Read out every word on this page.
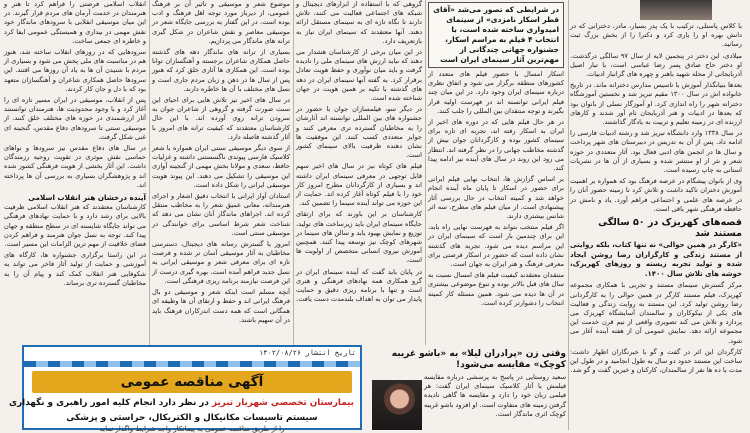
با کلاس پاستلی، ترکیب با یک پدر بسیار، مادر، دخترانی که در دانش بهره او را یاری کرد و دکترا را از بخش بزرگ ثبت رسانید.

میلادی، این دختر در پنجمین لایه از سال ۹۷ سالگی درگذشت. او دختر حاج صادق پسر رضا عباسی است، با تبار اصیل آذربایجانی از محله شهید باهنر و چهره های گرانبار ادبیات.

بعدها بنیانگذار آموزش با تاسیس مدارس دخترانه ماند. در تاریخ خانواده اش در سال ۱۳۰۰ مقیم تبریز شد و نخستین آموزشگاه دخترانه شهر را راه اندازی کرد. او آموزگار نسلی از بانوان بود که بعدها در ادبیات و هنر آذربایجان نام آور شدند و کارهای ارزنده ای در زمینه تعلیم و تربیت به یادگار گذاشتند.

در سال ۱۳۳۸ وارد دانشگاه تبریز شد و رشته ادبیات فارسی را ادامه داد. پس از آن به تدریس در دبیرستان های شهر پرداخت و سال ها در انجمن های ادبی فعال بود. آثار متعددی در حوزه شعر و نثر از او منتشر شده و بسیاری از آن ها در نشریات استانی به چاپ رسیده است.

وی از بانوان پیشگام در عرصه فرهنگ بود که همواره بر اهمیت آموزش دختران تاکید داشت و تلاش کرد تا زمینه حضور آنان را در عرصه های علمی و اجتماعی فراهم آورد. یاد و نامش در حافظه فرهنگی شهر باقی است.

قصه‌های کهریزک در ۵۰ سالگی مستند شد

«کارگر در همین حوالی» نه تنها کتاب، بلکه روایتی از مستند زندگی و کارگزاران رضا روشن ایجاد شده و تولید تجربه زیسته و روزهای کهریزک، خوشه های تلاش سال ۱۴۰۰.

مرکز گسترش سینمای مستند و تجربی با همکاری مجموعه کهریزک، فیلم مستند کارگر در همین حوالی را به کارگردانی رضا روشن تولید کرد. این مستند به روایت زندگی و فعالیت های یکی از نیکوکاران و سالمندان آسایشگاه کهریزک می پردازد و تلاش می کند تصویری واقعی از نیم قرن خدمت این مجموعه ارائه دهد. نمایش عمومی آن از هفته آینده آغاز می شود.

کارگردان این اثر در گفت و گو با خبرنگاران اظهار داشت: ساخت این مستند حدود دو سال به طول انجامید و در طول این مدت با ده ها نفر از سالمندان، کارکنان و خیرین گفت و گو شد.

در شرایطی که تصور می‌شد «آقای قطر اسکار نامزدی» از سینمای امیدواری ساخته شده است، با انتخاب ۴ فیلم به مراسم اسکار، جشنواره جهانی چندگانی از مهم‌ترین آثار سینمای ایران است

اسکار امسال با حضور فیلم های متعدد از کشورهای منطقه برگزار می شود و اتفاق نظری درباره سینمای ایران وجود دارد. در این میان چند فیلم ایرانی توانسته اند در فهرست اولیه قرار بگیرند و توجه منتقدان بین المللی را جلب کنند.

در هر حال فیلم هایی که در دوره های اخیر از ایران به اسکار رفته اند، تجربه ای تازه برای سینمای کشور بوده و کارگردانان جوان بیش از گذشته مخاطب جهانی را در نظر گرفته اند. انتظار می رود این روند در سال های آینده نیز ادامه پیدا کند.

بر اساس گزارش ها، انتخاب نهایی فیلم ایرانی برای حضور در اسکار تا پایان ماه آینده انجام خواهد شد و کمیته انتخاب در حال بررسی آثار پیشنهادی است. از میان فیلم های مطرح، سه اثر شانس بیشتری دارند.

اگر فیلم منتخب بتواند به فهرست نهایی راه یابد، این برای چندمین بار است که سینمای ایران در این مراسم دیده می شود. تجربه های گذشته نشان داده است که حضور در اسکار فرصتی برای معرفی فرهنگ و هنر ایران به جهان است.

منتقدان معتقدند کیفیت فیلم های امسال نسبت به سال های قبل بالاتر بوده و تنوع موضوعی بیشتری در آن ها دیده می شود. همین مسئله کار کمیته انتخاب را دشوارتر کرده است.

وقتی زن «پرادران لیلا» به «باشو غریبه کوچک» مقایسه می‌شود!

سعید روستایی در پاسخ به پرسشی درباره مقایسه فیلمش با آثار کلاسیک سینمای ایران گفت: هر فیلمی زبان خود را دارد و مقایسه ها گاهی نادیده گرفتن زمینه های متفاوت است. او افزود باشو غریبه کوچک اثری ماندگار است.

گروهی که با استفاده از ابزارهای دیجیتال و شبکه های اجتماعی فعالیت می کنند، تلاش دارند تا نگاه تازه ای به سینمای مستقل ارائه دهند. آنها معتقدند که سینمای ایران نیاز به بازتعریف دارد.

در این میان برخی از کارشناسان هشدار می دهند که نباید ارزش های سینمای ملی را نادیده گرفت و باید میان نوآوری و حفظ هویت تعادل برقرار کرد. به گفته آنها سینمای ایران در دهه های گذشته با تکیه بر همین هویت در جهان شناخته شده است.

در دیگر سو، فیلمسازان جوان با حضور در جشنواره های بین المللی توانسته اند آثارشان را به مخاطبان گسترده تری معرفی کنند و جوایز متعددی کسب کنند. این موفقیت ها نشان دهنده ظرفیت بالای سینمای کشور است.

فیلم های کوتاه نیز در سال های اخیر سهم قابل توجهی در معرفی سینمای ایران داشته اند و بسیاری از کارگردانان مطرح امروز کار خود را با فیلم کوتاه آغاز کرده اند. حمایت از این حوزه می تواند آینده سینما را تضمین کند.

کارشناسان بر این باورند که برای ارتقای جایگاه سینمای ایران باید زیرساخت های تولید، توزیع و نمایش بهبود یابد و سالن های سینما در شهرهای کوچک نیز توسعه پیدا کنند. همچنین آموزش نیروی انسانی متخصص از اولویت ها است.

در پایان باید گفت که آینده سینمای ایران در گرو همکاری همه نهادهای فرهنگی و هنری است و تنها با برنامه ریزی دقیق و حمایت پایدار می توان به اهداف بلندمدت دست یافت.

موضوع شعر و موسیقی و تاثیر آن بر فرهنگ عمومی، از دیرباز مورد توجه اهل فرهنگ و ادب بوده است. در این گفتار به بررسی جایگاه شعر در موسیقی معاصر و نقش شاعران در شکل گیری ترانه های ماندگار می پردازیم.

بسیاری از ترانه های ماندگار دهه های گذشته حاصل همکاری شاعران برجسته و آهنگسازان توانا بوده است. این همکاری ها آثاری خلق کرد که هنوز پس از سال ها در ذهن و زبان مردم جاری است و نسل های مختلف با آن ها خاطره دارند.

در سال های اخیر نیز تلاش هایی برای احیای این سنت صورت گرفته و گروهی از شاعران جوان به سرودن ترانه روی آورده اند. با این حال کارشناسان معتقدند که کیفیت ترانه های امروز با آثار گذشته فاصله دارد.

از سوی دیگر موسیقی سنتی ایران همواره با شعر کلاسیک فارسی پیوندی ناگسستنی داشته و غزلیات حافظ، سعدی و مولانا بخش مهمی از گنجینه آوازی این موسیقی را تشکیل می دهند. این پیوند هویت موسیقی ایرانی را شکل داده است.

استادان آواز ایرانی با انتخاب دقیق اشعار و اجرای هنرمندانه، معانی عمیق شعر را به مخاطب منتقل کرده اند. اجراهای ماندگار آنان نشان می دهد که شناخت شعر شرط اساسی برای خوانندگی در موسیقی سنتی است.

امروز با گسترش رسانه های دیجیتال، دسترسی مخاطبان به آثار موسیقی آسان تر شده و فرصت تازه ای برای معرفی شعر و موسیقی ایرانی به نسل جدید فراهم آمده است. بهره گیری درست از این فرصت نیازمند برنامه ریزی فرهنگی است.

آنچه مسلم است اینکه شعر و موسیقی دو بال فرهنگ ایرانی اند و حفظ و ارتقای آن ها وظیفه ای همگانی است که همه دست اندرکاران فرهنگ باید در آن سهیم باشند.

انقلاب اسلامی فرصتی را فراهم کرد تا هنر و هنرمندان در خدمت آرمان های مردم قرار گیرند. در این میان موسیقی انقلابی با سرودهای ماندگار خود نقش مهمی در بیداری و همبستگی عمومی ایفا کرد و خاطره ای جمعی ساخت.

سرودهایی که در روزهای انقلاب ساخته شد، هنوز هم در مناسبت های ملی پخش می شود و بسیاری از مردم با شنیدن آن ها به یاد آن روزها می افتند. این سرودها حاصل همکاری شاعران و آهنگسازان متعهد بود که با دل و جان کار کردند.

پس از انقلاب، موسیقی در ایران مسیر تازه ای را آغاز کرد و با وجود محدودیت ها، هنرمندان توانستند آثار ارزشمندی در حوزه های مختلف خلق کنند. از موسیقی سنتی تا سرودهای دفاع مقدس، گنجینه ای غنی شکل گرفت.

در سال های دفاع مقدس نیز سرودها و نواهای حماسی نقش موثری در تقویت روحیه رزمندگان داشت. این آثار بخشی از هویت فرهنگی کشور شده اند و پژوهشگران بسیاری به بررسی آن ها پرداخته اند.

آینده درخشان هنر انقلاب اسلامی

کارشناسان معتقدند که هنر انقلاب اسلامی ظرفیت بالایی برای رشد دارد و با حمایت نهادهای فرهنگی می تواند جایگاه شایسته ای در سطح منطقه و جهان پیدا کند. توجه به نسل جوان هنرمند و فراهم کردن فضای خلاقیت از مهم ترین الزامات این مسیر است.

در این راستا برگزاری جشنواره ها، کارگاه های آموزشی و حمایت از تولید آثار فاخر می تواند به شکوفایی هنر انقلاب کمک کند و پیام آن را به مخاطبان گسترده تری برساند.

تاریخ انتشار ۱۴۰۲/۰۸/۲۶
آگهی مناقصه عمومی
بیمارستان تخصصی شهریار تبریز در نظر دارد انجام کلیه امور راهبری و نگهداری
سیستم تاسیسات مکانیکال و الکتریکال، حراستی و پزشکی
را از طریق مناقصه عمومی به پیمانکار واجد شرایط واگذار نماید
